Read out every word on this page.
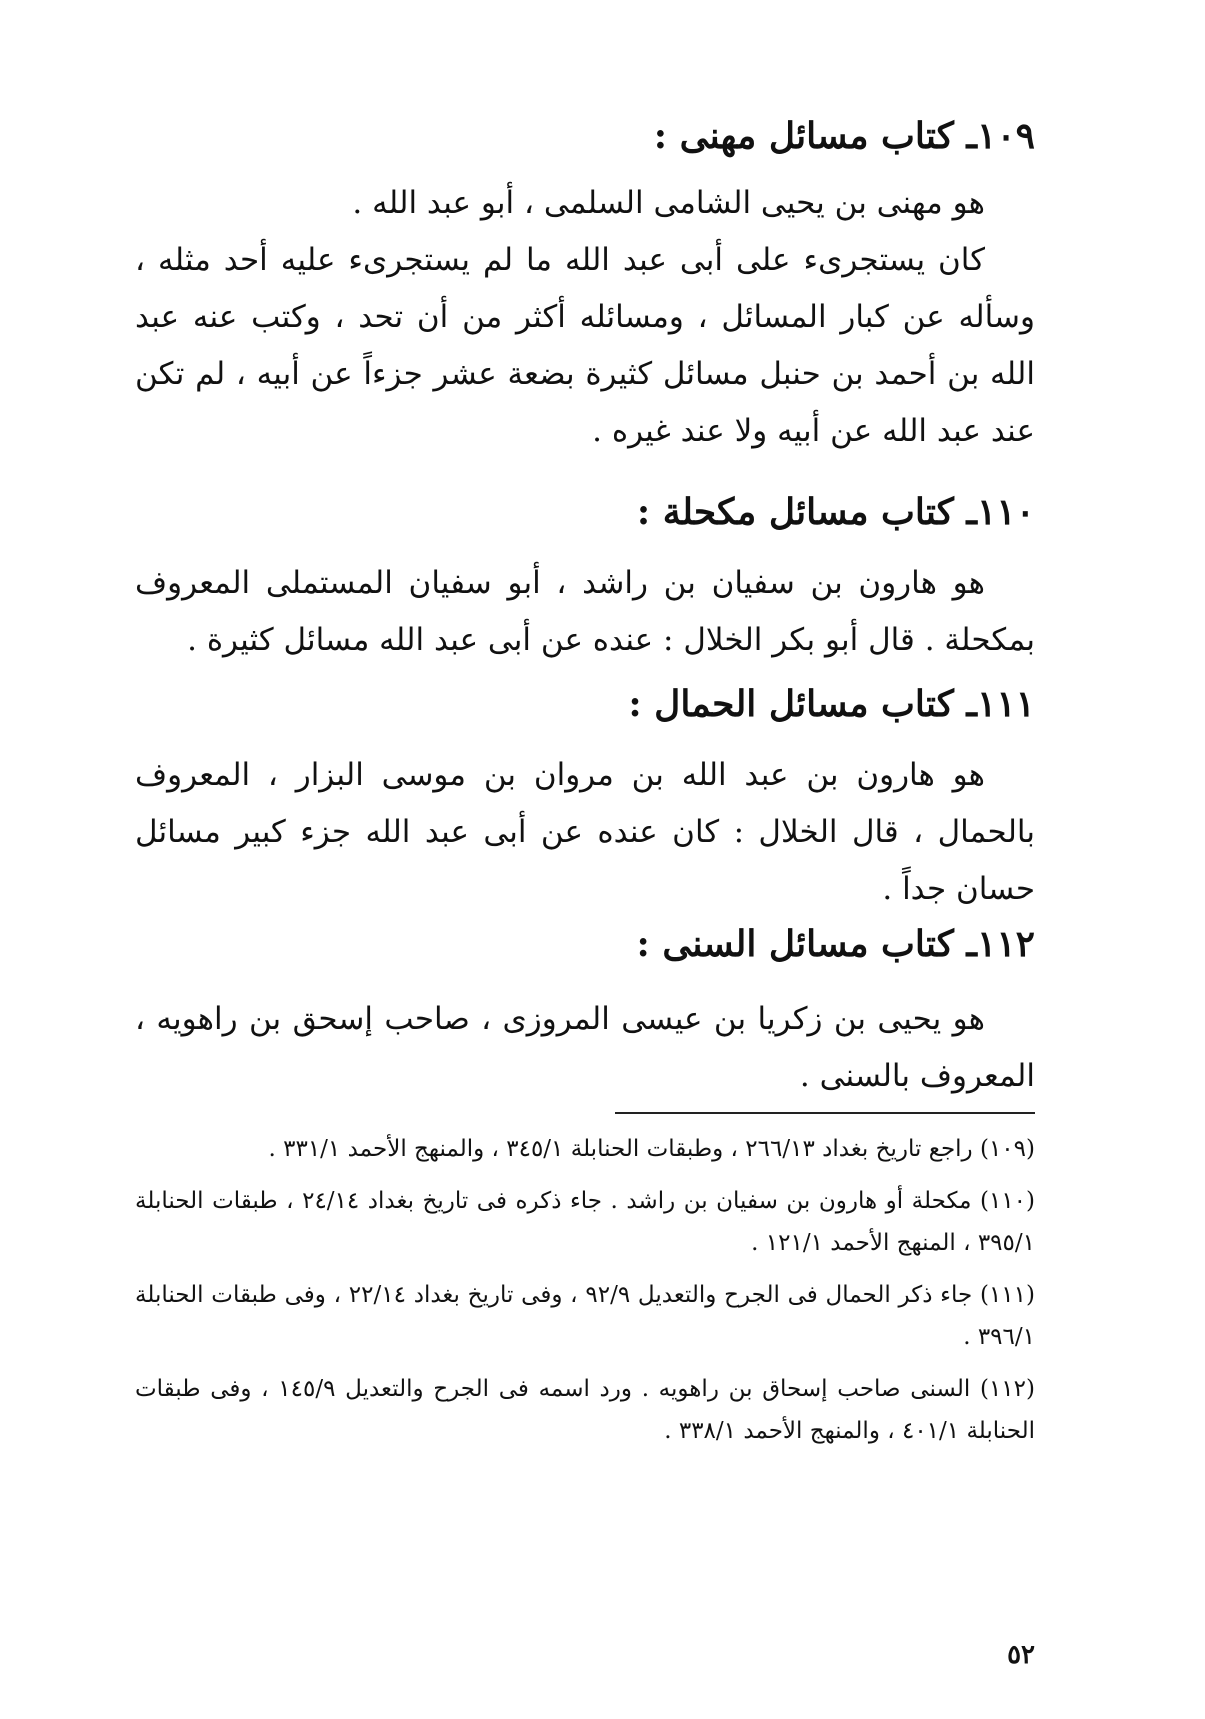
١٠٩ـ كتاب مسائل مهنى :

هو مهنى بن يحيى الشامى السلمى ، أبو عبد الله .

كان يستجرىء على أبى عبد الله ما لم يستجرىء عليه أحد مثله ، وسأله عن كبار المسائل ، ومسائله أكثر من أن تحد ، وكتب عنه عبد الله بن أحمد بن حنبل مسائل كثيرة بضعة عشر جزءاً عن أبيه ، لم تكن عند عبد الله عن أبيه ولا عند غيره .

١١٠ـ كتاب مسائل مكحلة :

هو هارون بن سفيان بن راشد ، أبو سفيان المستملى المعروف بمكحلة . قال أبو بكر الخلال : عنده عن أبى عبد الله مسائل كثيرة .

١١١ـ كتاب مسائل الحمال :

هو هارون بن عبد الله بن مروان بن موسى البزار ، المعروف بالحمال ، قال الخلال : كان عنده عن أبى عبد الله جزء كبير مسائل حسان جداً .

١١٢ـ كتاب مسائل السنى :

هو يحيى بن زكريا بن عيسى المروزى ، صاحب إسحق بن راهويه ، المعروف بالسنى .

(١٠٩) راجع تاريخ بغداد ٢٦٦/١٣ ، وطبقات الحنابلة ٣٤٥/١ ، والمنهج الأحمد ٣٣١/١ .

(١١٠) مكحلة أو هارون بن سفيان بن راشد . جاء ذكره فى تاريخ بغداد ٢٤/١٤ ، طبقات الحنابلة ٣٩٥/١ ، المنهج الأحمد ١٢١/١ .

(١١١) جاء ذكر الحمال فى الجرح والتعديل ٩٢/٩ ، وفى تاريخ بغداد ٢٢/١٤ ، وفى طبقات الحنابلة ٣٩٦/١ .

(١١٢) السنى صاحب إسحاق بن راهويه . ورد اسمه فى الجرح والتعديل ١٤٥/٩ ، وفى طبقات الحنابلة ٤٠١/١ ، والمنهج الأحمد ٣٣٨/١ .

٥٢
